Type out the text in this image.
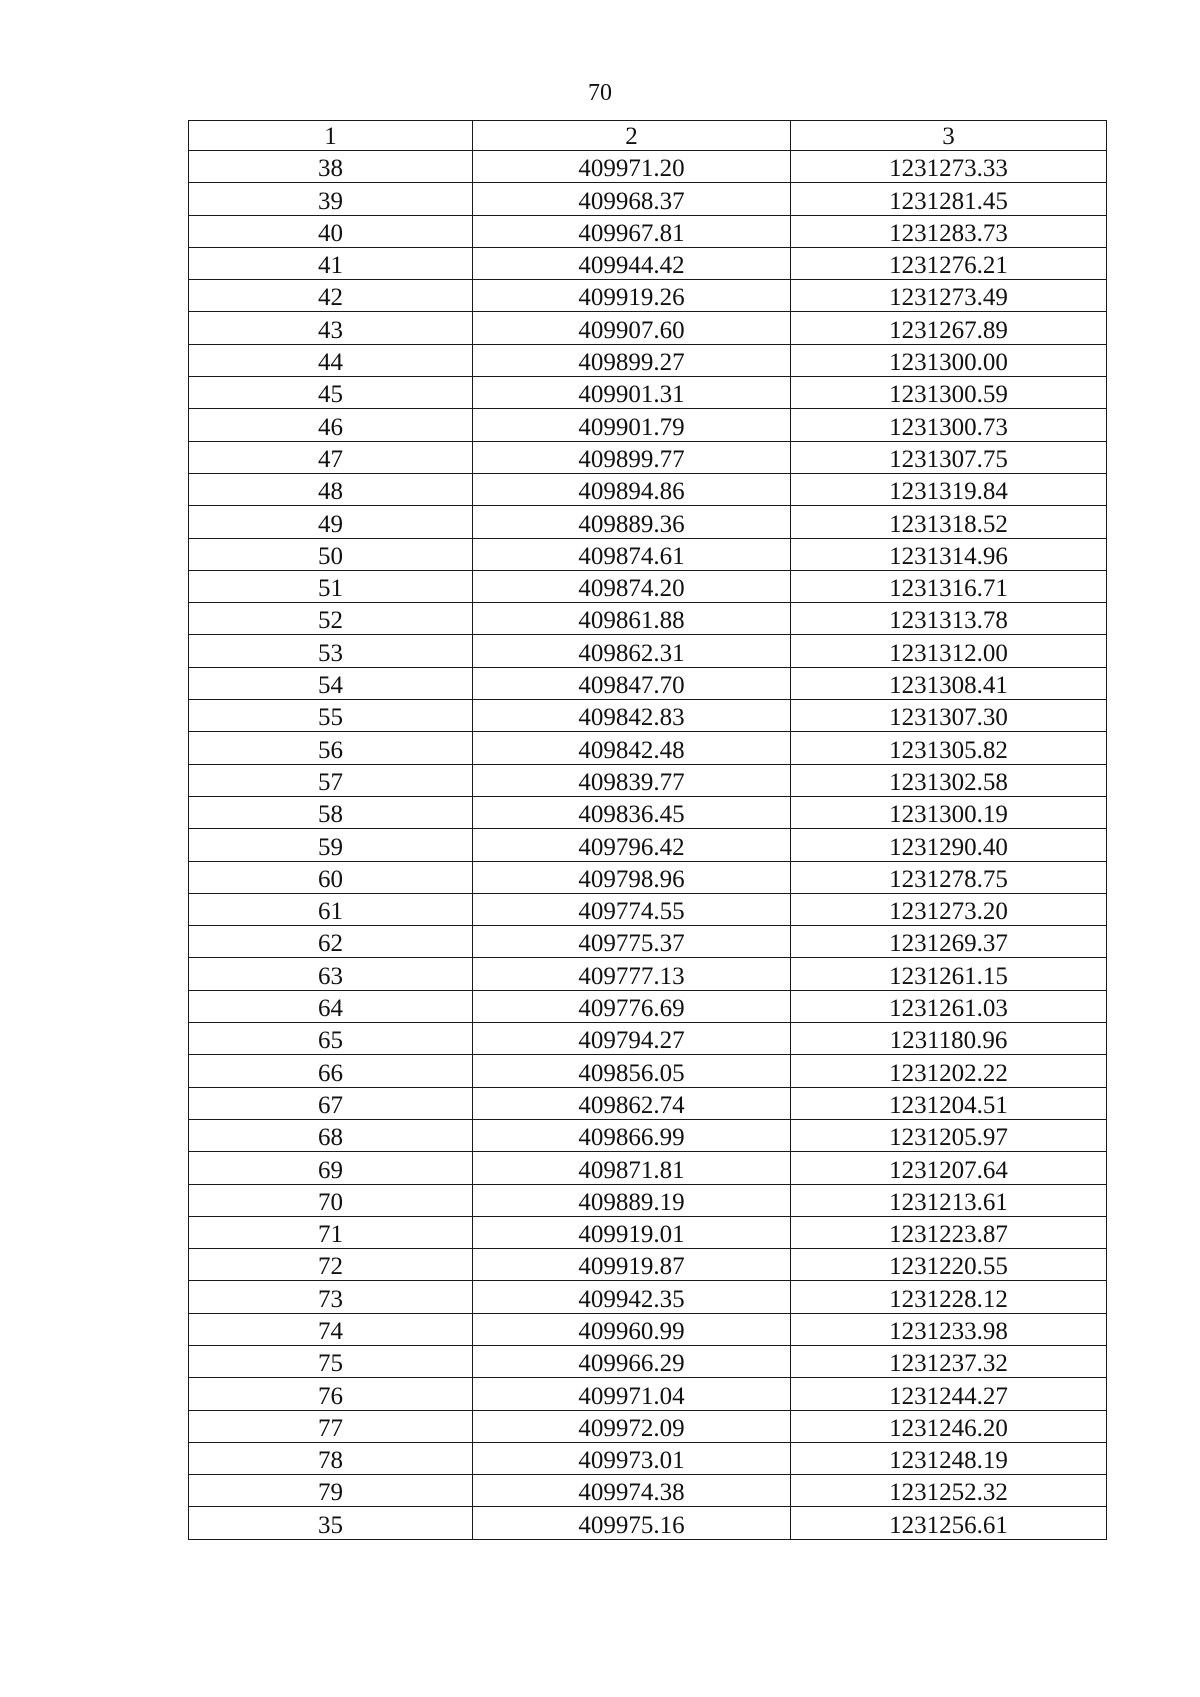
70
1	2	3
38	409971.20	1231273.33
39	409968.37	1231281.45
40	409967.81	1231283.73
41	409944.42	1231276.21
42	409919.26	1231273.49
43	409907.60	1231267.89
44	409899.27	1231300.00
45	409901.31	1231300.59
46	409901.79	1231300.73
47	409899.77	1231307.75
48	409894.86	1231319.84
49	409889.36	1231318.52
50	409874.61	1231314.96
51	409874.20	1231316.71
52	409861.88	1231313.78
53	409862.31	1231312.00
54	409847.70	1231308.41
55	409842.83	1231307.30
56	409842.48	1231305.82
57	409839.77	1231302.58
58	409836.45	1231300.19
59	409796.42	1231290.40
60	409798.96	1231278.75
61	409774.55	1231273.20
62	409775.37	1231269.37
63	409777.13	1231261.15
64	409776.69	1231261.03
65	409794.27	1231180.96
66	409856.05	1231202.22
67	409862.74	1231204.51
68	409866.99	1231205.97
69	409871.81	1231207.64
70	409889.19	1231213.61
71	409919.01	1231223.87
72	409919.87	1231220.55
73	409942.35	1231228.12
74	409960.99	1231233.98
75	409966.29	1231237.32
76	409971.04	1231244.27
77	409972.09	1231246.20
78	409973.01	1231248.19
79	409974.38	1231252.32
35	409975.16	1231256.61
